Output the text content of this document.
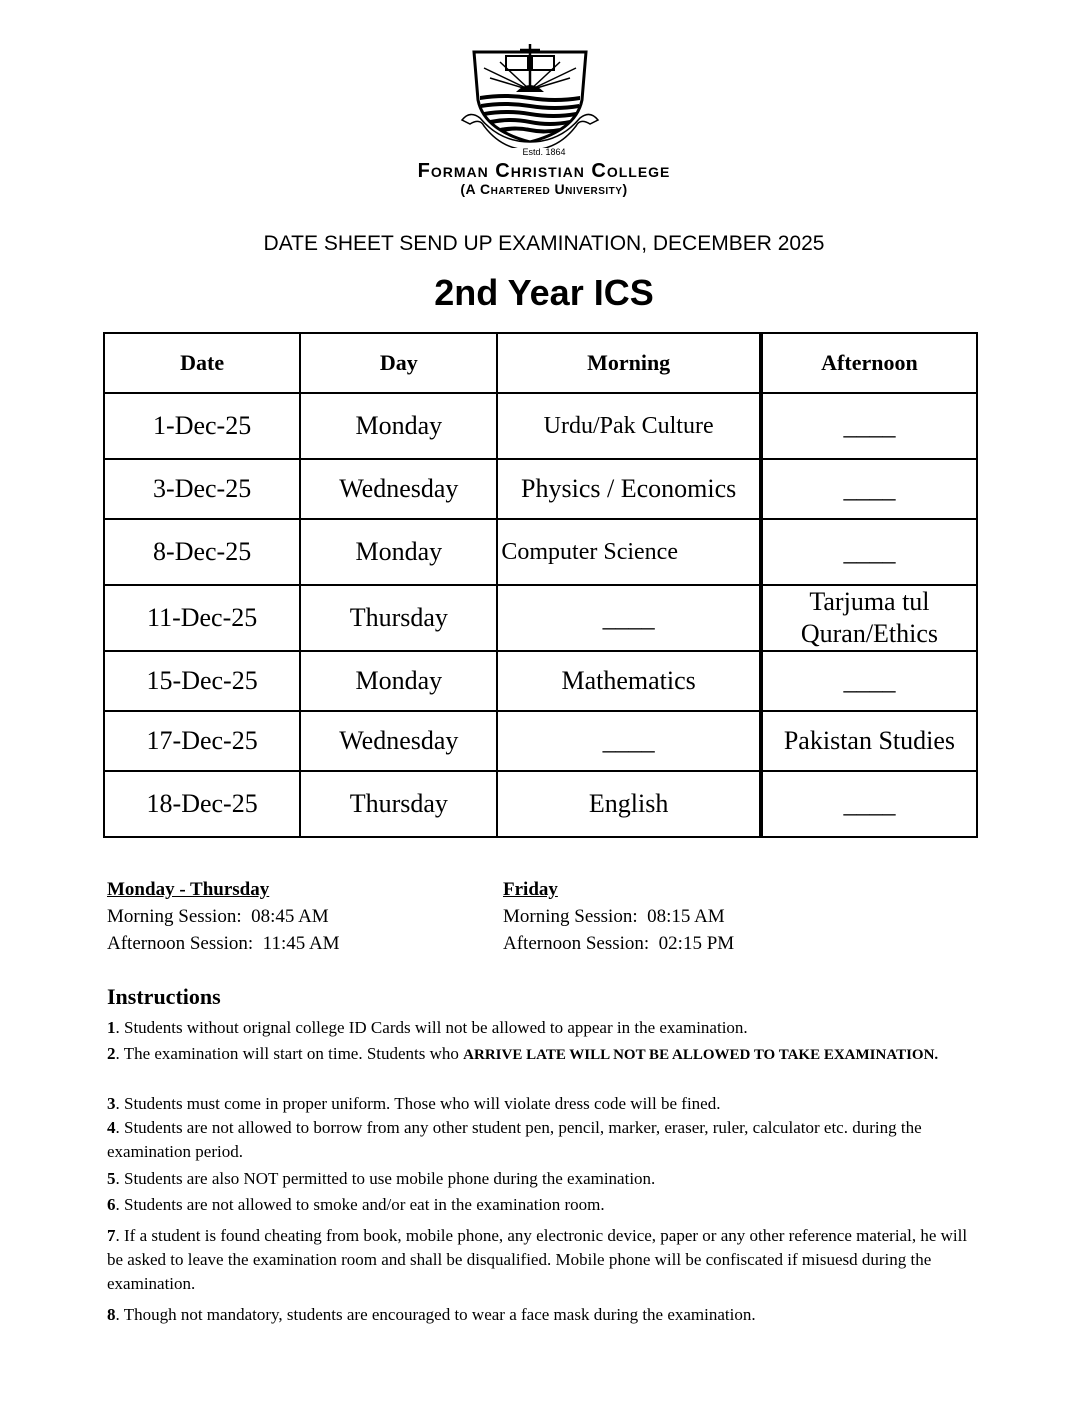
Estd. 1864
Forman Christian College
(A Chartered University)
DATE SHEET SEND UP EXAMINATION, DECEMBER 2025
2nd Year ICS
Date	Day	Morning	Afternoon
1-Dec-25	Monday	Urdu/Pak Culture	____
3-Dec-25	Wednesday	Physics / Economics	____
8-Dec-25	Monday	Computer Science	____
11-Dec-25	Thursday	____	Tarjuma tul
Quran/Ethics

15-Dec-25	Monday	Mathematics	____
17-Dec-25	Wednesday	____	Pakistan Studies
18-Dec-25	Thursday	English	____
Monday - Thursday
Morning Session:  08:45 AM
Afternoon Session:  11:45 AM
Friday
Morning Session:  08:15 AM
Afternoon Session:  02:15 PM
Instructions
1. Students without orignal college ID Cards will not be allowed to appear in the examination.
2. The examination will start on time. Students who ARRIVE LATE WILL NOT BE ALLOWED TO TAKE EXAMINATION.
3. Students must come in proper uniform. Those who will violate dress code will be fined.
4. Students are not allowed to borrow from any other student pen, pencil, marker, eraser, ruler, calculator etc. during the examination period.
5. Students are also NOT permitted to use mobile phone during the examination.
6. Students are not allowed to smoke and/or eat in the examination room.
7. If a student is found cheating from book, mobile phone, any electronic device, paper or any other reference material, he will be asked to leave the examination room and shall be disqualified. Mobile phone will be confiscated if misuesd during the examination.
8. Though not mandatory, students are encouraged to wear a face mask during the examination.
